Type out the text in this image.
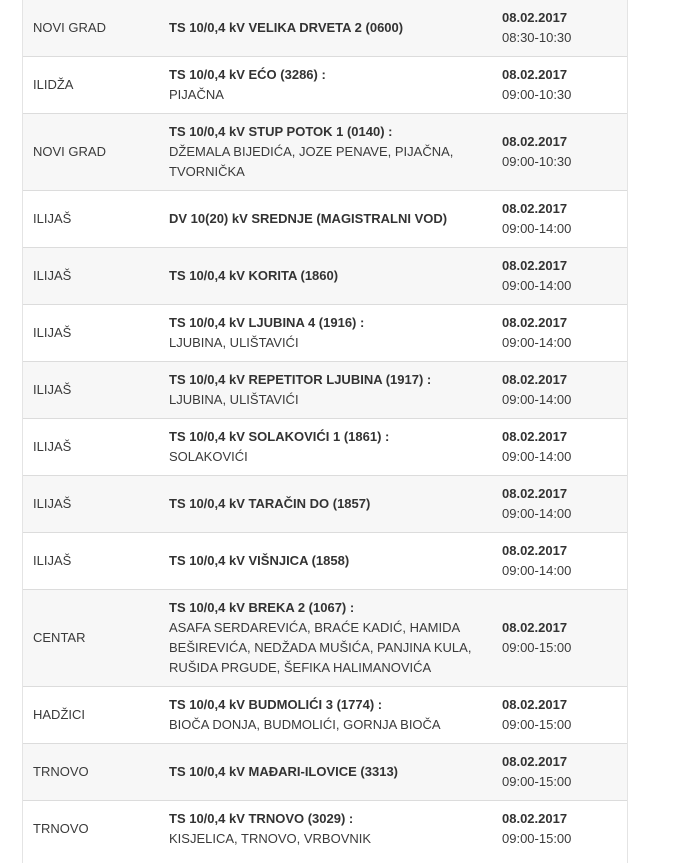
NOVI GRAD	TS 10/0,4 kV VELIKA DRVETA 2 (0600)	08.02.2017
08:30-10:30

ILIDŽA	TS 10/0,4 kV EĆO (3286) :
PIJAČNA	08.02.2017
09:00-10:30

NOVI GRAD	TS 10/0,4 kV STUP POTOK 1 (0140) :
DŽEMALA BIJEDIĆA, JOZE PENAVE, PIJAČNA,
TVORNIČKA	08.02.2017
09:00-10:30

ILIJAŠ	DV 10(20) kV SREDNJE (MAGISTRALNI VOD)	08.02.2017
09:00-14:00

ILIJAŠ	TS 10/0,4 kV KORITA (1860)	08.02.2017
09:00-14:00

ILIJAŠ	TS 10/0,4 kV LJUBINA 4 (1916) :
LJUBINA, ULIŠTAVIĆI	08.02.2017
09:00-14:00

ILIJAŠ	TS 10/0,4 kV REPETITOR LJUBINA (1917) :
LJUBINA, ULIŠTAVIĆI	08.02.2017
09:00-14:00

ILIJAŠ	TS 10/0,4 kV SOLAKOVIĆI 1 (1861) :
SOLAKOVIĆI	08.02.2017
09:00-14:00

ILIJAŠ	TS 10/0,4 kV TARAČIN DO (1857)	08.02.2017
09:00-14:00

ILIJAŠ	TS 10/0,4 kV VIŠNJICA (1858)	08.02.2017
09:00-14:00

CENTAR	TS 10/0,4 kV BREKA 2 (1067) :
ASAFA SERDAREVIĆA, BRAĆE KADIĆ, HAMIDA
BEŠIREVIĆA, NEDŽADA MUŠIĆA, PANJINA KULA,
RUŠIDA PRGUDE, ŠEFIKA HALIMANOVIĆA	08.02.2017
09:00-15:00

HADŽICI	TS 10/0,4 kV BUDMOLIĆI 3 (1774) :
BIOČA DONJA, BUDMOLIĆI, GORNJA BIOČA	08.02.2017
09:00-15:00

TRNOVO	TS 10/0,4 kV MAĐARI-ILOVICE (3313)	08.02.2017
09:00-15:00

TRNOVO	TS 10/0,4 kV TRNOVO (3029) :
KISJELICA, TRNOVO, VRBOVNIK	08.02.2017
09:00-15:00
